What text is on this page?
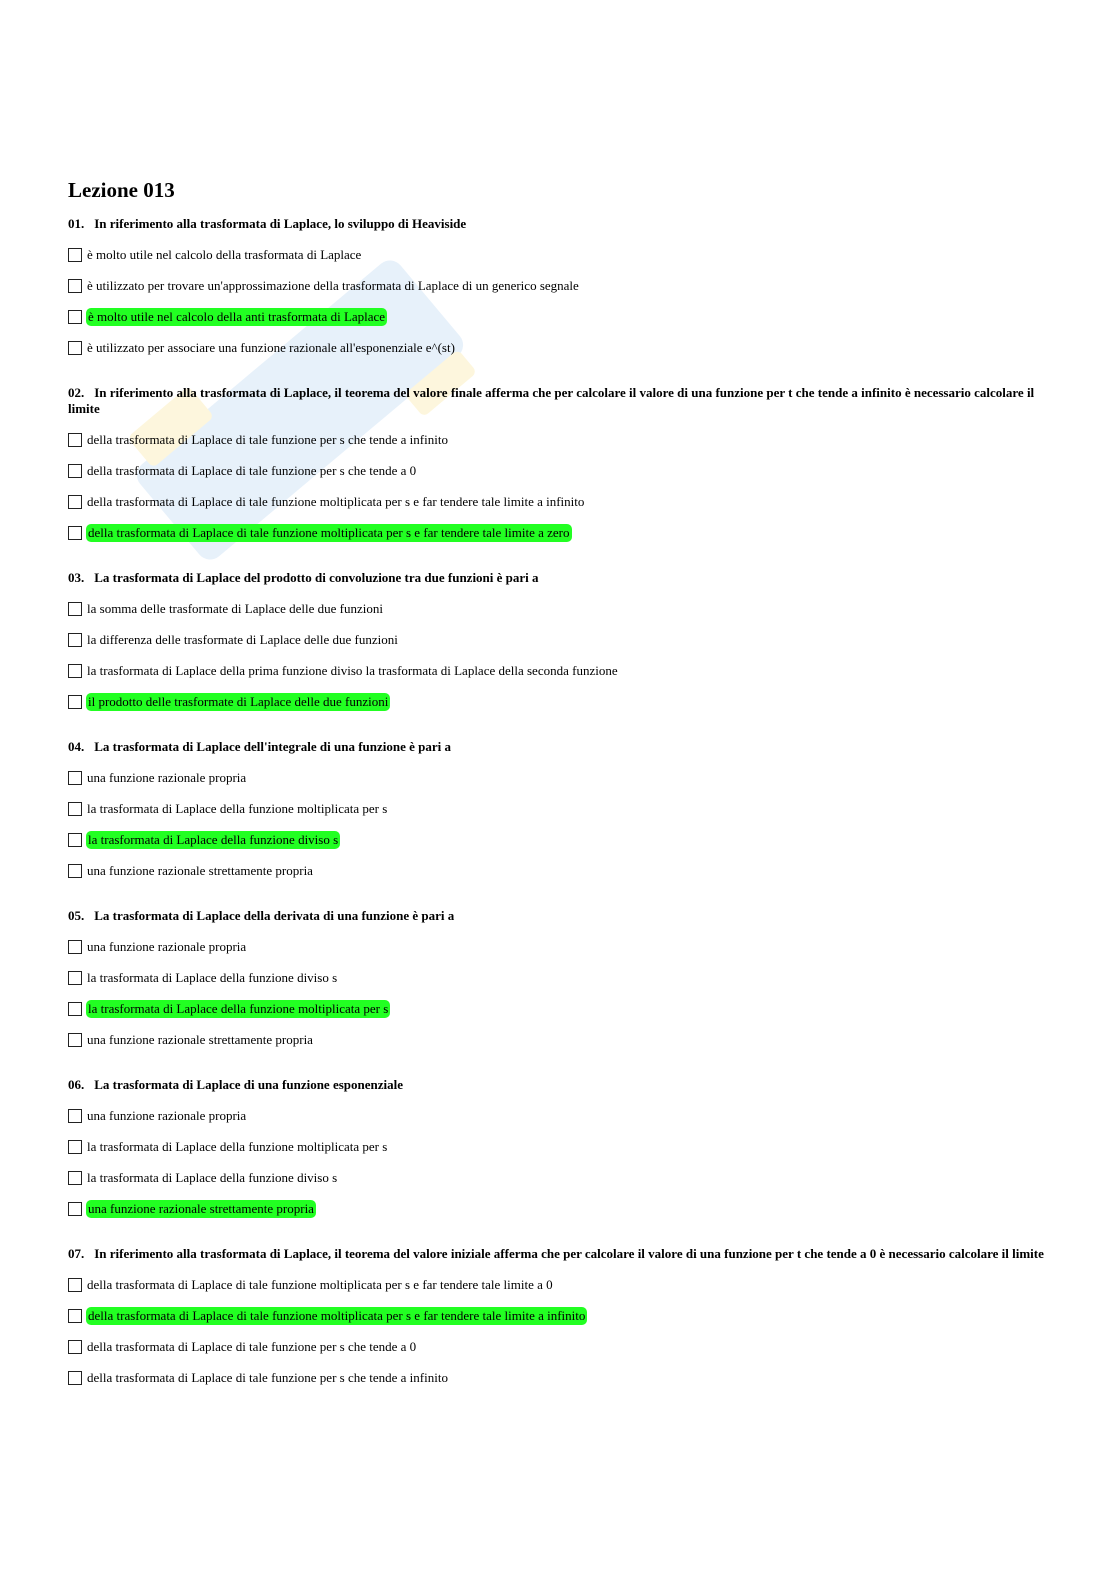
Lezione 013
01. In riferimento alla trasformata di Laplace, lo sviluppo di Heaviside
è molto utile nel calcolo della trasformata di Laplace
è utilizzato per trovare un'approssimazione della trasformata di Laplace di un generico segnale
è molto utile nel calcolo della anti trasformata di Laplace
è utilizzato per associare una funzione razionale all'esponenziale e^(st)
02. In riferimento alla trasformata di Laplace, il teorema del valore finale afferma che per calcolare il valore di una funzione per t che tende a infinito è necessario calcolare il limite
della trasformata di Laplace di tale funzione per s che tende a infinito
della trasformata di Laplace di tale funzione per s che tende a 0
della trasformata di Laplace di tale funzione moltiplicata per s e far tendere tale limite a infinito
della trasformata di Laplace di tale funzione moltiplicata per s e far tendere tale limite a zero
03. La trasformata di Laplace del prodotto di convoluzione tra due funzioni è pari a
la somma delle trasformate di Laplace delle due funzioni
la differenza delle trasformate di Laplace delle due funzioni
la trasformata di Laplace della prima funzione diviso la trasformata di Laplace della seconda funzione
il prodotto delle trasformate di Laplace delle due funzioni
04. La trasformata di Laplace dell'integrale di una funzione è pari a
una funzione razionale propria
la trasformata di Laplace della funzione moltiplicata per s
la trasformata di Laplace della funzione diviso s
una funzione razionale strettamente propria
05. La trasformata di Laplace della derivata di una funzione è pari a
una funzione razionale propria
la trasformata di Laplace della funzione diviso s
la trasformata di Laplace della funzione moltiplicata per s
una funzione razionale strettamente propria
06. La trasformata di Laplace di una funzione esponenziale
una funzione razionale propria
la trasformata di Laplace della funzione moltiplicata per s
la trasformata di Laplace della funzione diviso s
una funzione razionale strettamente propria
07. In riferimento alla trasformata di Laplace, il teorema del valore iniziale afferma che per calcolare il valore di una funzione per t che tende a 0 è necessario calcolare il limite
della trasformata di Laplace di tale funzione moltiplicata per s e far tendere tale limite a 0
della trasformata di Laplace di tale funzione moltiplicata per s e far tendere tale limite a infinito
della trasformata di Laplace di tale funzione per s che tende a 0
della trasformata di Laplace di tale funzione per s che tende a infinito
